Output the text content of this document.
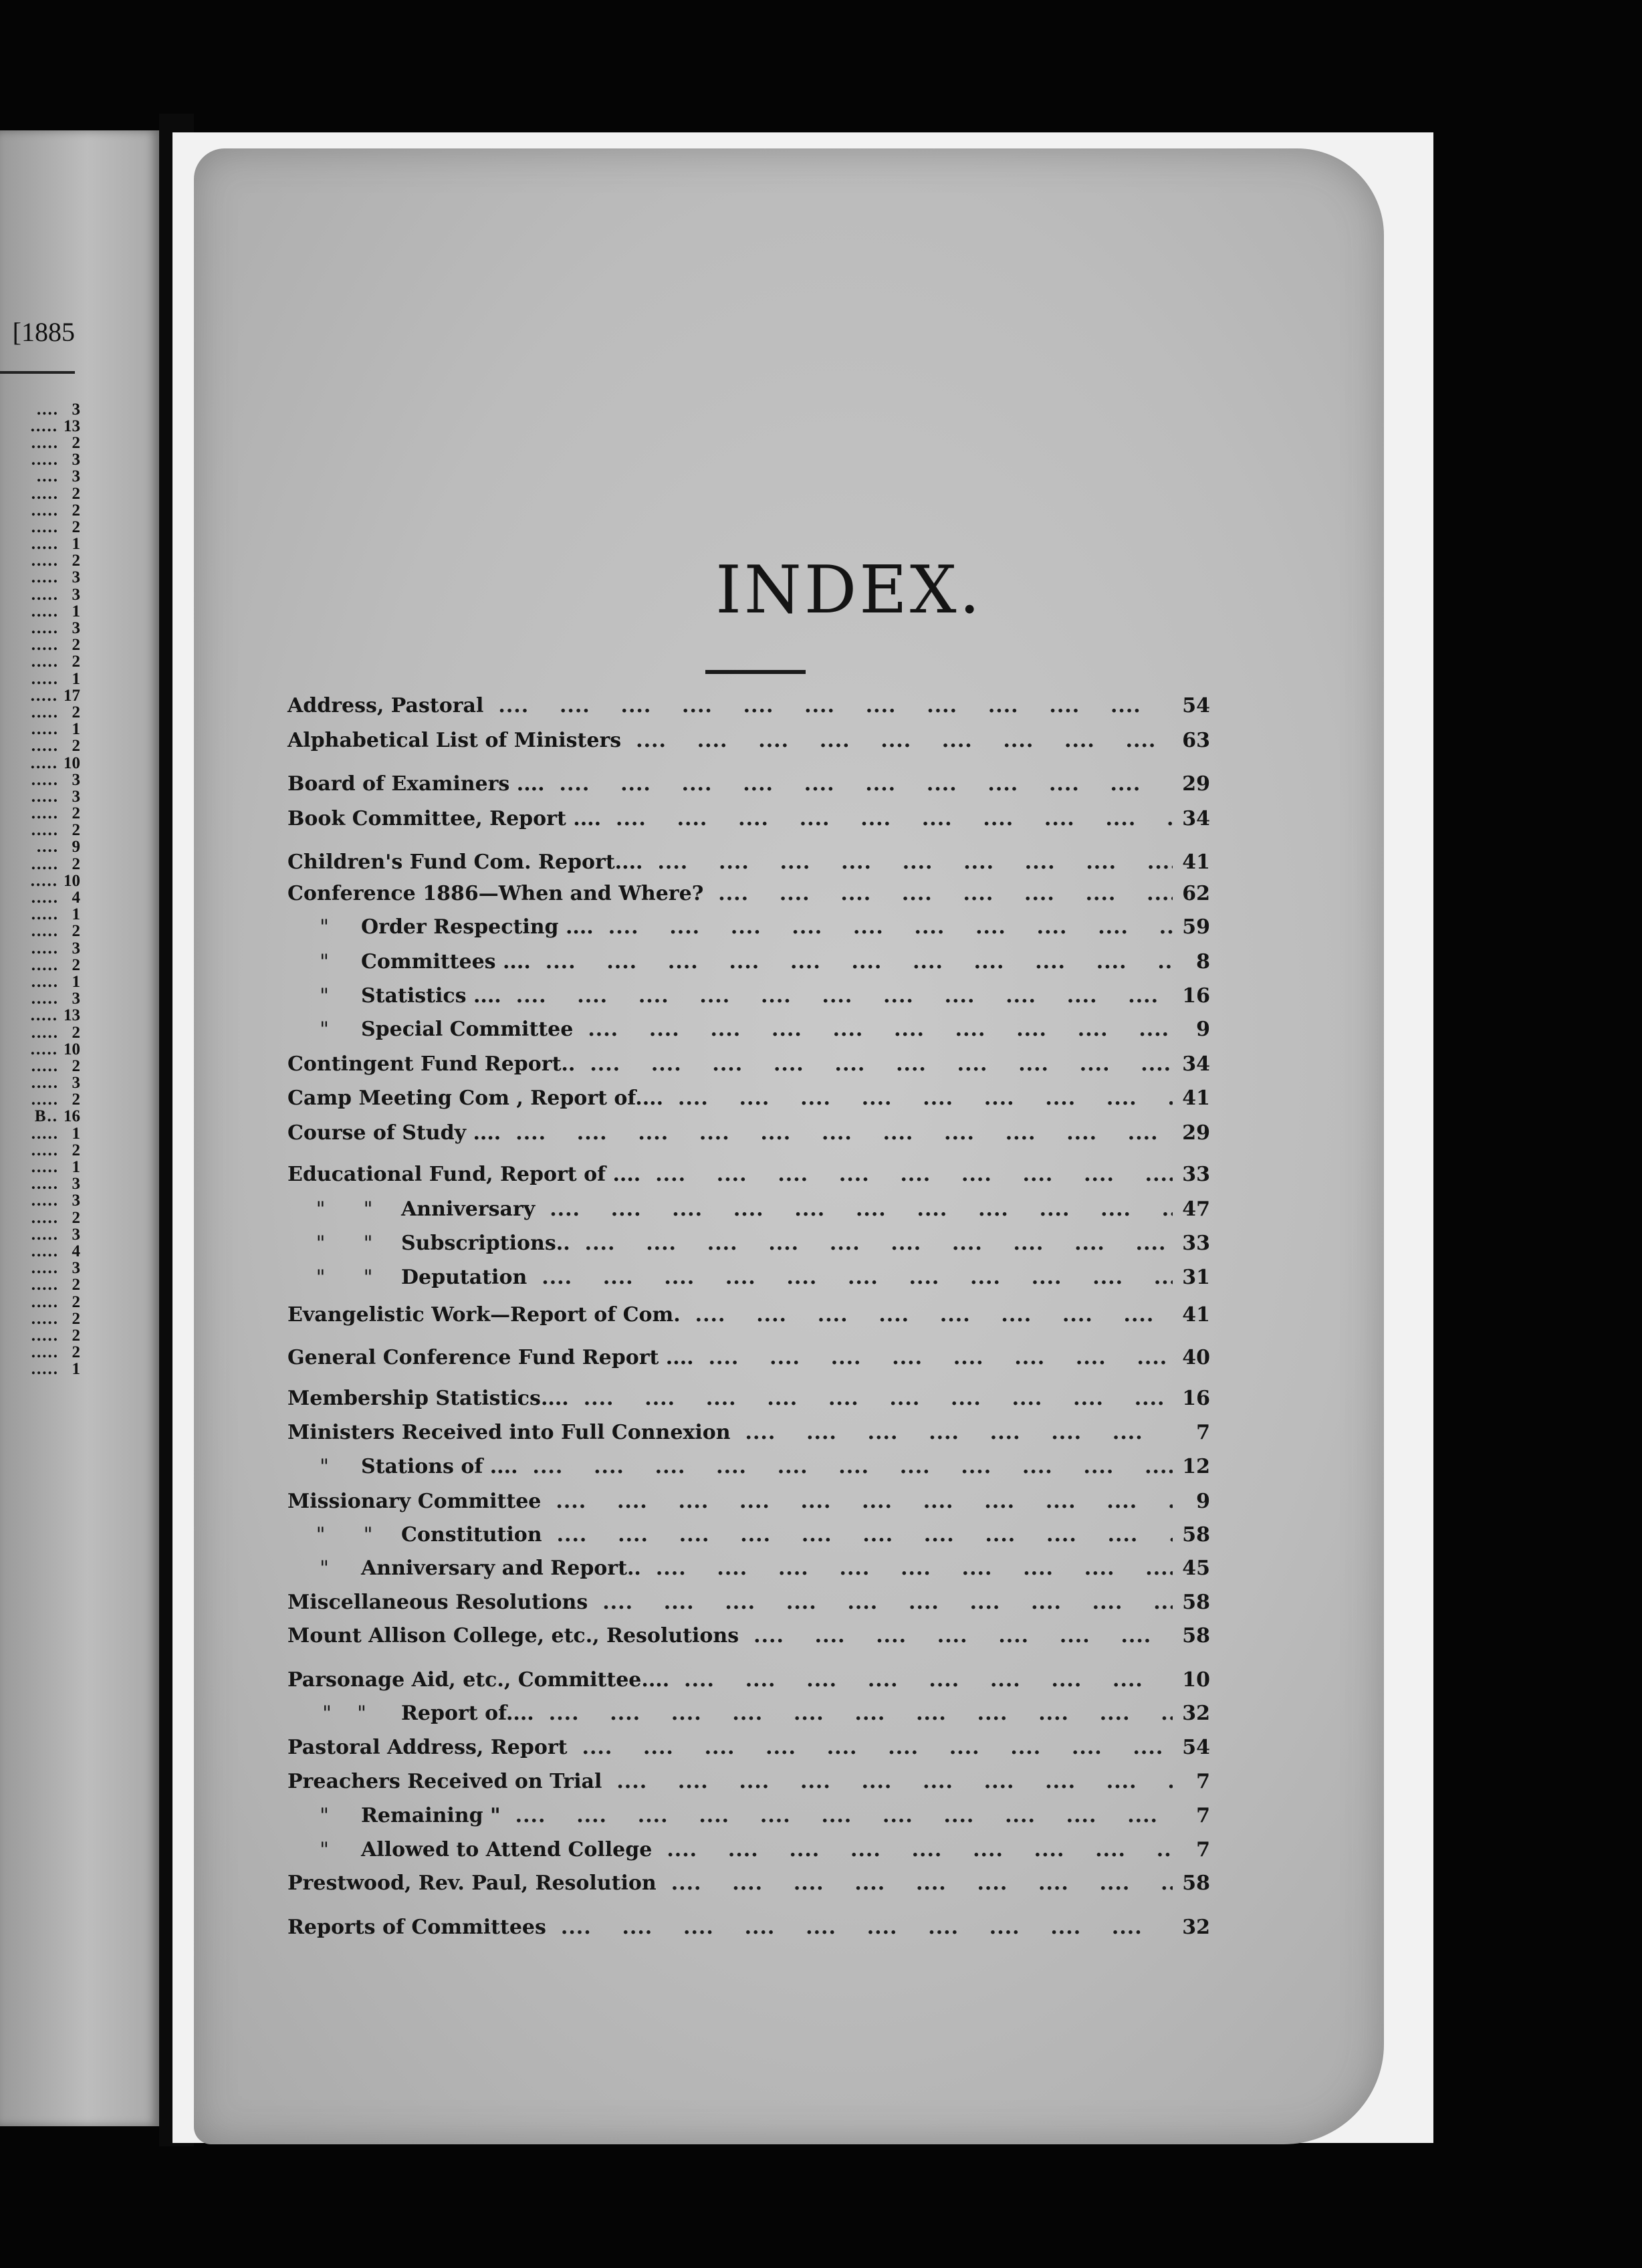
[1885
.... 3
..... 13
..... 2
..... 3
.... 3
..... 2
..... 2
..... 2
..... 1
..... 2
..... 3
..... 3
..... 1
..... 3
..... 2
..... 2
..... 1
..... 17
..... 2
..... 1
..... 2
..... 10
..... 3
..... 3
..... 2
..... 2
.... 9
..... 2
..... 10
..... 4
..... 1
..... 2
..... 3
..... 2
..... 1
..... 3
..... 13
..... 2
..... 10
..... 2
..... 3
..... 2
B.. 16
..... 1
..... 2
..... 1
..... 3
..... 3
..... 2
..... 3
..... 4
..... 3
..... 2
..... 2
..... 2
..... 2
..... 2
..... 1
INDEX.
Address, Pastoral ....	54
Alphabetical List of Ministers ....	63
Board of Examiners .... ....	29
Book Committee, Report .... ....	34
Children's Fund Com. Report.... ....	41
Conference 1886—When and Where? ....	62
"	Order Respecting .... ....	59
"	Committees .... ....	8
"	Statistics .... ....	16
"	Special Committee ....	9
Contingent Fund Report.. ....	34
Camp Meeting Com , Report of.... ....	41
Course of Study .... ....	29
Educational Fund, Report of .... ....	33
"      "	Anniversary ....	47
"      "	Subscriptions.. ....	33
"      "	Deputation ....	31
Evangelistic Work—Report of Com. ....	41
General Conference Fund Report .... ....	40
Membership Statistics.... ....	16
Ministers Received into Full Connexion ....	7
"	Stations of .... ....	12
Missionary Committee ....	9
"      "	Constitution ....	58
"	Anniversary and Report.. ....	45
Miscellaneous Resolutions ....	58
Mount Allison College, etc., Resolutions ....	58
Parsonage Aid, etc., Committee.... ....	10
"    "	Report of.... ....	32
Pastoral Address, Report ....	54
Preachers Received on Trial ....	7
"	Remaining " ....	7
"	Allowed to Attend College ....	7
Prestwood, Rev. Paul, Resolution ....	58
Reports of Committees ....	32
